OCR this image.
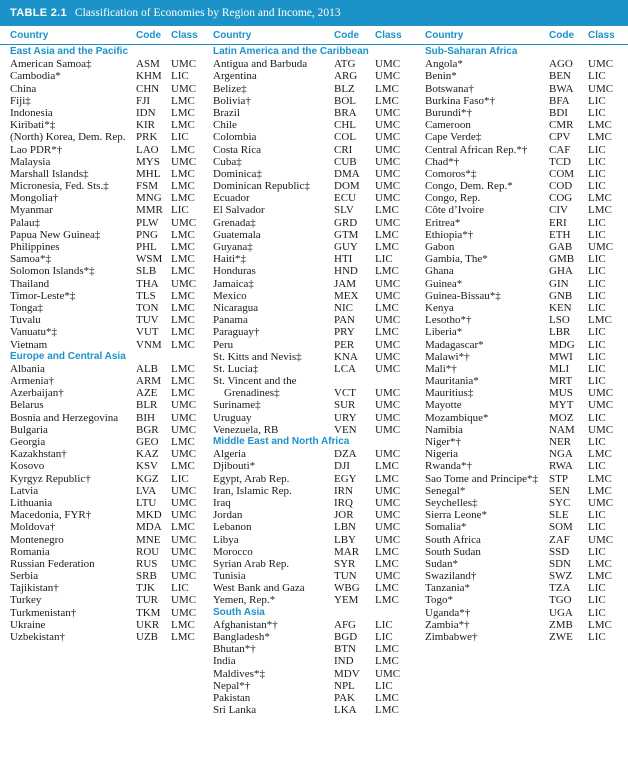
TABLE 2.1 Classification of Economies by Region and Income, 2013
Country	Code Class
East Asia and the Pacific
American Samoa‡	ASM UMC
Cambodia*	KHM LIC
China	CHN UMC
Fiji‡	FJI LMC
Indonesia	IDN LMC
Kiribati*‡	KIR LMC
(North) Korea, Dem. Rep. PRK LIC
Lao PDR*†	LAO LMC
Malaysia	MYS UMC
Marshall Islands‡	MHL LMC
Micronesia, Fed. Sts.‡ FSM LMC
Mongolia†	MNG LMC
Myanmar	MMR LIC
Palau‡	PLW UMC
Papua New Guinea‡	PNG LMC
Philippines	PHL LMC
Samoa*‡	WSM LMC
Solomon Islands*‡	SLB LMC
Thailand	THA UMC
Timor-Leste*‡	TLS LMC
Tonga‡	TON LMC
Tuvalu	TUV LMC
Vanuatu*‡	VUT LMC
Vietnam	VNM LMC
Europe and Central Asia
Albania	ALB LMC
Armenia†	ARM LMC
Azerbaijan†	AZE LMC
Belarus	BLR UMC
Bosnia and Herzegovina BIH UMC
Bulgaria	BGR UMC
Georgia	GEO LMC
Kazakhstan†	KAZ UMC
Kosovo	KSV LMC
Kyrgyz Republic†	KGZ LIC
Latvia	LVA UMC
Lithuania	LTU UMC
Macedonia, FYR†	MKD UMC
Moldova†	MDA LMC
Montenegro	MNE UMC
Romania	ROU UMC
Russian Federation	RUS UMC
Serbia	SRB UMC
Tajikistan†	TJK LIC
Turkey	TUR UMC
Turkmenistan†	TKM UMC
Ukraine	UKR LMC
Uzbekistan†	UZB LMC
Country	Code Class
Latin America and the Caribbean
Antigua and Barbuda ATG UMC
Argentina	ARG UMC
Belize‡	BLZ LMC
Bolivia†	BOL LMC
Brazil	BRA UMC
Chile	CHL UMC
Colombia	COL UMC
Costa Rica	CRI UMC
Cuba‡	CUB UMC
Dominica‡	DMA UMC
Dominican Republic‡ DOM UMC
Ecuador	ECU UMC
El Salvador	SLV LMC
Grenada‡	GRD UMC
Guatemala	GTM LMC
Guyana‡	GUY LMC
Haiti*‡	HTI LIC
Honduras	HND LMC
Jamaica‡	JAM UMC
Mexico	MEX UMC
Nicaragua	NIC LMC
Panama	PAN UMC
Paraguay†	PRY LMC
Peru	PER UMC
St. Kitts and Nevis‡	KNA UMC
St. Lucia‡	LCA UMC
St. Vincent and the
Grenadines‡	VCT UMC
Suriname‡	SUR UMC
Uruguay	URY UMC
Venezuela, RB	VEN UMC
Middle East and North Africa
Algeria	DZA UMC
Djibouti*	DJI LMC
Egypt, Arab Rep.	EGY LMC
Iran, Islamic Rep.	IRN UMC
Iraq	IRQ UMC
Jordan	JOR UMC
Lebanon	LBN UMC
Libya	LBY UMC
Morocco	MAR LMC
Syrian Arab Rep.	SYR LMC
Tunisia	TUN UMC
West Bank and Gaza	WBG LMC
Yemen, Rep.*	YEM LMC
South Asia
Afghanistan*†	AFG LIC
Bangladesh*	BGD LIC
Bhutan*†	BTN LMC
India	IND LMC
Maldives*‡	MDV UMC
Nepal*†	NPL LIC
Pakistan	PAK LMC
Sri Lanka	LKA LMC
Country	Code Class
Sub-Saharan Africa
Angola*	AGO UMC
Benin*	BEN LIC
Botswana†	BWA UMC
Burkina Faso*†	BFA LIC
Burundi*†	BDI LIC
Cameroon	CMR LMC
Cape Verde‡	CPV LMC
Central African Rep.*† CAF LIC
Chad*†	TCD LIC
Comoros*‡	COM LIC
Congo, Dem. Rep.*	COD LIC
Congo, Rep.	COG LMC
Côte d’Ivoire	CIV LMC
Eritrea*	ERI LIC
Ethiopia*†	ETH LIC
Gabon	GAB UMC
Gambia, The*	GMB LIC
Ghana	GHA LIC
Guinea*	GIN LIC
Guinea-Bissau*‡	GNB LIC
Kenya	KEN LIC
Lesotho*†	LSO LMC
Liberia*	LBR LIC
Madagascar*	MDG LIC
Malawi*†	MWI LIC
Mali*†	MLI LIC
Mauritania*	MRT LIC
Mauritius‡	MUS UMC
Mayotte	MYT UMC
Mozambique*	MOZ LIC
Namibia	NAM UMC
Niger*†	NER LIC
Nigeria	NGA LMC
Rwanda*†	RWA LIC
Sao Tome and Principe*‡ STP LMC
Senegal*	SEN LMC
Seychelles‡	SYC UMC
Sierra Leone*	SLE LIC
Somalia*	SOM LIC
South Africa	ZAF UMC
South Sudan	SSD LIC
Sudan*	SDN LMC
Swaziland†	SWZ LMC
Tanzania*	TZA LIC
Togo*	TGO LIC
Uganda*†	UGA LIC
Zambia*†	ZMB LMC
Zimbabwe†	ZWE LIC
